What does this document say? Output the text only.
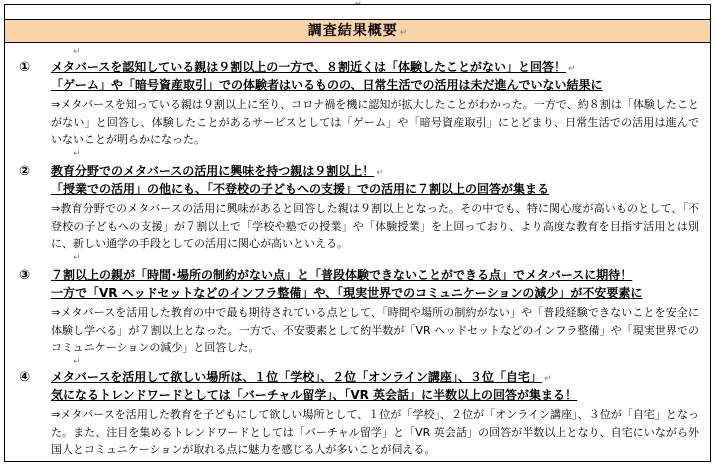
↵
調査結果概要 ↵
↵
① メタバースを認知している親は９割以上の一方で、８割近くは「体験したことがない」と回答！ ↵
「ゲーム」や「暗号資産取引」での体験者はいるものの、日常生活での活用は未だ進んでいない結果に
⇒メタバースを知っている親は９割以上に至り、コロナ禍を機に認知が拡大したことがわかった。一方で、約８割は「体験したことがない」と回答し、体験したことがあるサービスとしては「ゲーム」や「暗号資産取引」にとどまり、日常生活での活用は進んでいないことが明らかになった。
↵
② 教育分野でのメタバースの活用に興味を持つ親は９割以上！ ↵
「授業での活用」の他にも、「不登校の子どもへの支援」での活用に７割以上の回答が集まる
⇒教育分野でのメタバースの活用に興味があると回答した親は９割以上となった。その中でも、特に関心度が高いものとして、「不登校の子どもへの支援」が７割以上で「学校や塾での授業」や「体験授業」を上回っており、より高度な教育を目指す活用とは別に、新しい通学の手段としての活用に関心が高いといえる。
↵
③ ７割以上の親が「時間･場所の制約がない点」と「普段体験できないことができる点」でメタバースに期待！
一方で「VR ヘッドセットなどのインフラ整備」や、「現実世界でのコミュニケーションの減少」が不安要素に
⇒メタバースを活用した教育の中で最も期待されている点として、「時間や場所の制約がない」や「普段経験できないことを安全に体験し学べる」が７割以上となった。一方で、不安要素として約半数が「VR ヘッドセットなどのインフラ整備」や「現実世界でのコミュニケーションの減少」と回答した。
↵
④ メタバースを活用して欲しい場所は、１位「学校」、２位「オンライン講座」、３位「自宅」 ↵
気になるトレンドワードとしては「バーチャル留学」、「VR 英会話」に半数以上の回答が集まる！
⇒メタバースを活用した教育を子どもにして欲しい場所として、１位が「学校」、２位が「オンライン講座」、３位が「自宅」となった。また、注目を集めるトレンドワードとしては「バーチャル留学」と「VR 英会話」の回答が半数以上となり、自宅にいながら外国人とコミュニケーションが取れる点に魅力を感じる人が多いことが伺える。
